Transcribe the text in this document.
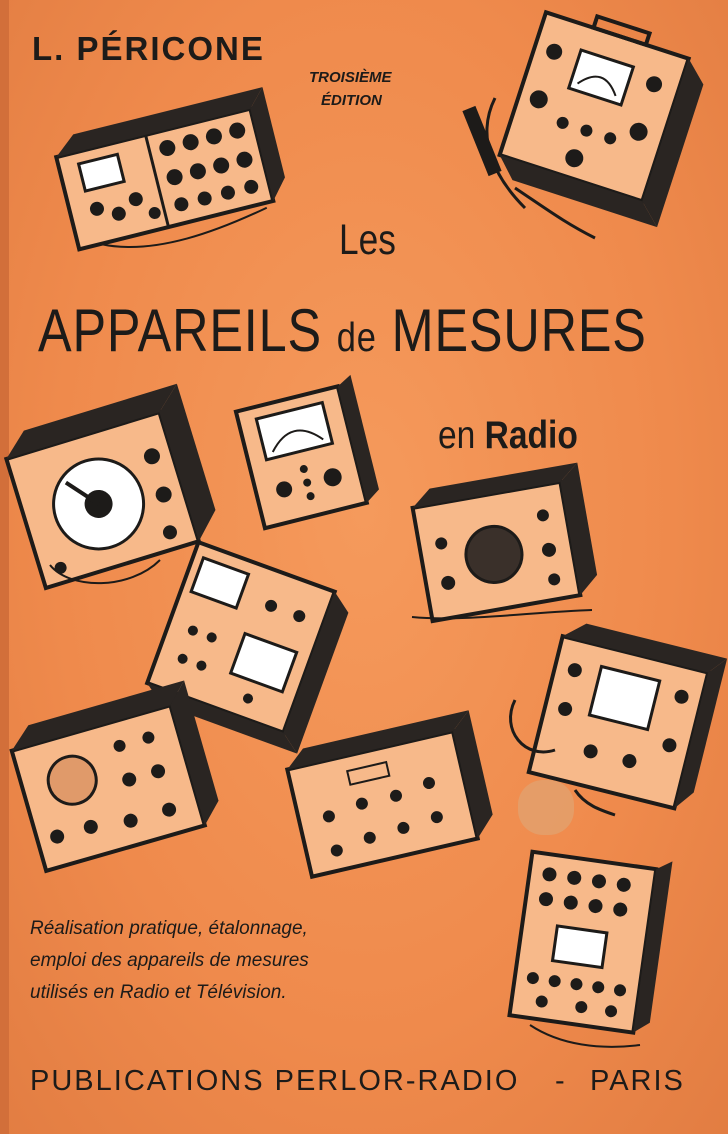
L. PÉRICONE
TROISIÈME
ÉDITION
Les
APPAREILS de MESURES
en Radio
Réalisation pratique, étalonnage,
emploi des appareils de mesures
utilisés en Radio et Télévision.
PUBLICATIONS PERLOR-RADIO - PARIS
